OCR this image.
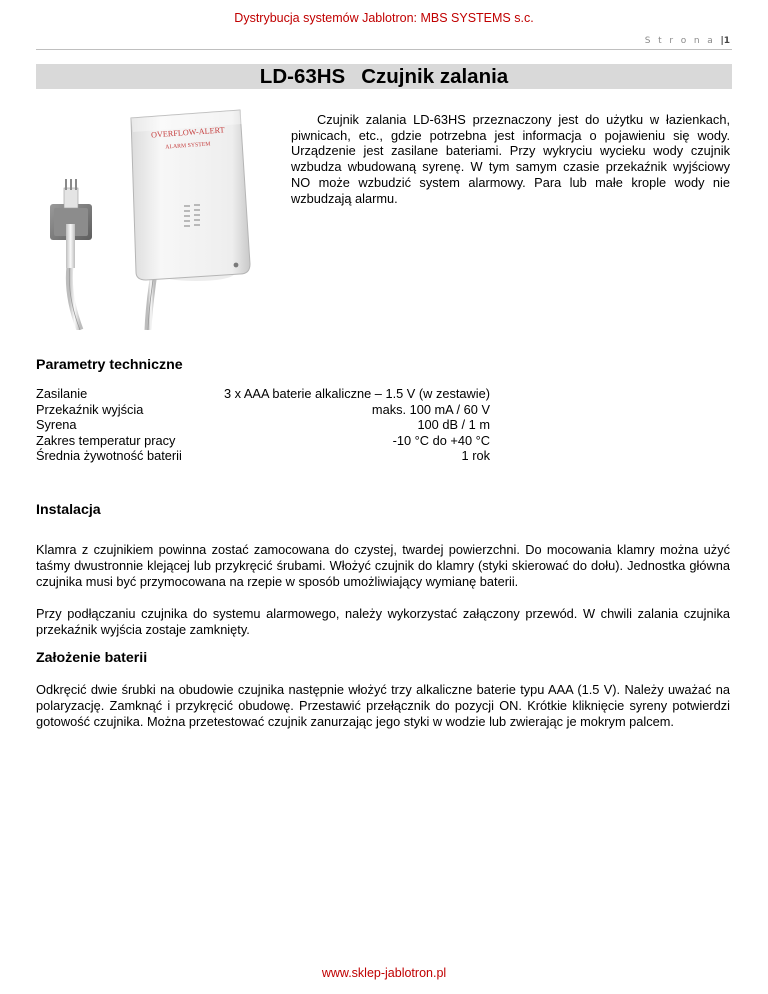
Dystrybucja systemów Jablotron: MBS SYSTEMS s.c.
S t r o n a |1
LD-63HS Czujnik zalania
OVERFLOW-ALERT
ALARM SYSTEM
Czujnik zalania LD-63HS przeznaczony jest do użytku w łazienkach, piwnicach, etc., gdzie potrzebna jest informacja o pojawieniu się wody. Urządzenie jest zasilane bateriami. Przy wykryciu wycieku wody czujnik wzbudza wbudowaną syrenę. W tym samym czasie przekaźnik wyjściowy NO może wzbudzić system alarmowy. Para lub małe krople wody nie wzbudzają alarmu.
Parametry techniczne
Zasilanie	3 x AAA baterie alkaliczne – 1.5 V (w zestawie)
Przekaźnik wyjścia	maks. 100 mA / 60 V
Syrena	100 dB / 1 m
Zakres temperatur pracy	-10 °C do +40 °C
Średnia żywotność baterii	1 rok
Instalacja
Klamra z czujnikiem powinna zostać zamocowana do czystej, twardej powierzchni. Do mocowania klamry można użyć taśmy dwustronnie klejącej lub przykręcić śrubami. Włożyć czujnik do klamry (styki skierować do dołu). Jednostka główna czujnika musi być przymocowana na rzepie w sposób umożliwiający wymianę baterii.
Przy podłączaniu czujnika do systemu alarmowego, należy wykorzystać załączony przewód. W chwili zalania czujnika przekaźnik wyjścia zostaje zamknięty.
Założenie baterii
Odkręcić dwie śrubki na obudowie czujnika następnie włożyć trzy alkaliczne baterie typu AAA (1.5 V). Należy uważać na polaryzację. Zamknąć i przykręcić obudowę. Przestawić przełącznik do pozycji ON. Krótkie kliknięcie syreny potwierdzi gotowość czujnika. Można przetestować czujnik zanurzając jego styki w wodzie lub zwierając je mokrym palcem.
www.sklep-jablotron.pl
